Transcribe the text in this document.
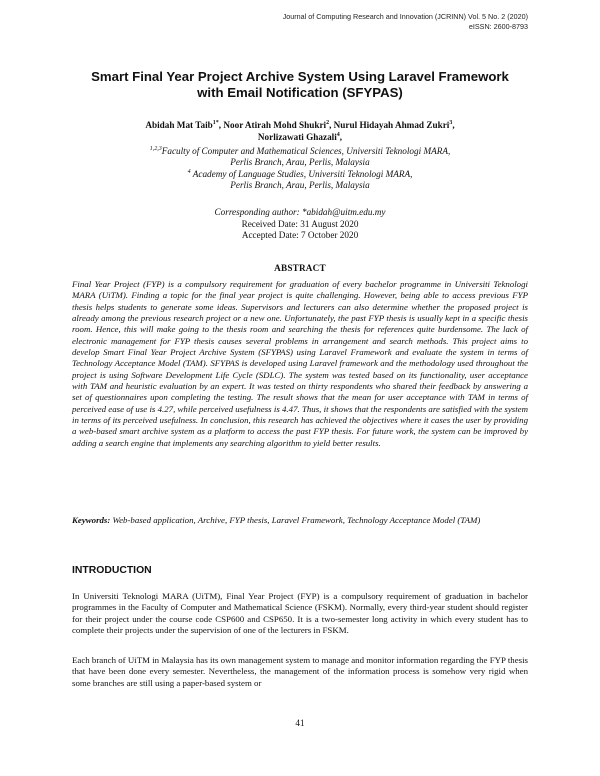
Journal of Computing Research and Innovation (JCRINN) Vol. 5 No. 2 (2020)
eISSN: 2600-8793
Smart Final Year Project Archive System Using Laravel Framework
with Email Notification (SFYPAS)
Abidah Mat Taib$^{1*}$, Noor Atirah Mohd Shukri$^2$, Nurul Hidayah Ahmad Zukri$^3$,
Norlizawati Ghazali$^4$,
$^{1,2,3}$Faculty of Computer and Mathematical Sciences, Universiti Teknologi MARA,
Perlis Branch, Arau, Perlis, Malaysia
$^4$ Academy of Language Studies, Universiti Teknologi MARA,
Perlis Branch, Arau, Perlis, Malaysia
Corresponding author: *abidah@uitm.edu.my
Received Date: 31 August 2020
Accepted Date: 7 October 2020
ABSTRACT

Final Year Project (FYP) is a compulsory requirement for graduation of every bachelor programme in Universiti Teknologi MARA (UiTM). Finding a topic for the final year project is quite challenging. However, being able to access previous FYP thesis helps students to generate some ideas. Supervisors and lecturers can also determine whether the proposed project is already among the previous research project or a new one. Unfortunately, the past FYP thesis is usually kept in a specific thesis room. Hence, this will make going to the thesis room and searching the thesis for references quite burdensome. The lack of electronic management for FYP thesis causes several problems in arrangement and search methods. This project aims to develop Smart Final Year Project Archive System (SFYPAS) using Laravel Framework and evaluate the system in terms of Technology Acceptance Model (TAM). SFYPAS is developed using Laravel framework and the methodology used throughout the project is using Software Development Life Cycle (SDLC). The system was tested based on its functionality, user acceptance with TAM and heuristic evaluation by an expert. It was tested on thirty respondents who shared their feedback by answering a set of questionnaires upon completing the testing. The result shows that the mean for user acceptance with TAM in terms of perceived ease of use is 4.27, while perceived usefulness is 4.47. Thus, it shows that the respondents are satisfied with the system in terms of its perceived usefulness. In conclusion, this research has achieved the objectives where it cases the user by providing a web-based smart archive system as a platform to access the past FYP thesis. For future work, the system can be improved by adding a search engine that implements any searching algorithm to yield better results.

Keywords: Web-based application, Archive, FYP thesis, Laravel Framework, Technology Acceptance Model (TAM)

INTRODUCTION

In Universiti Teknologi MARA (UiTM), Final Year Project (FYP) is a compulsory requirement of graduation in bachelor programmes in the Faculty of Computer and Mathematical Science (FSKM). Normally, every third-year student should register for their project under the course code CSP600 and CSP650. It is a two-semester long activity in which every student has to complete their projects under the supervision of one of the lecturers in FSKM.

Each branch of UiTM in Malaysia has its own management system to manage and monitor information regarding the FYP thesis that have been done every semester. Nevertheless, the management of the information process is somehow very rigid when some branches are still using a paper-based system or

41
